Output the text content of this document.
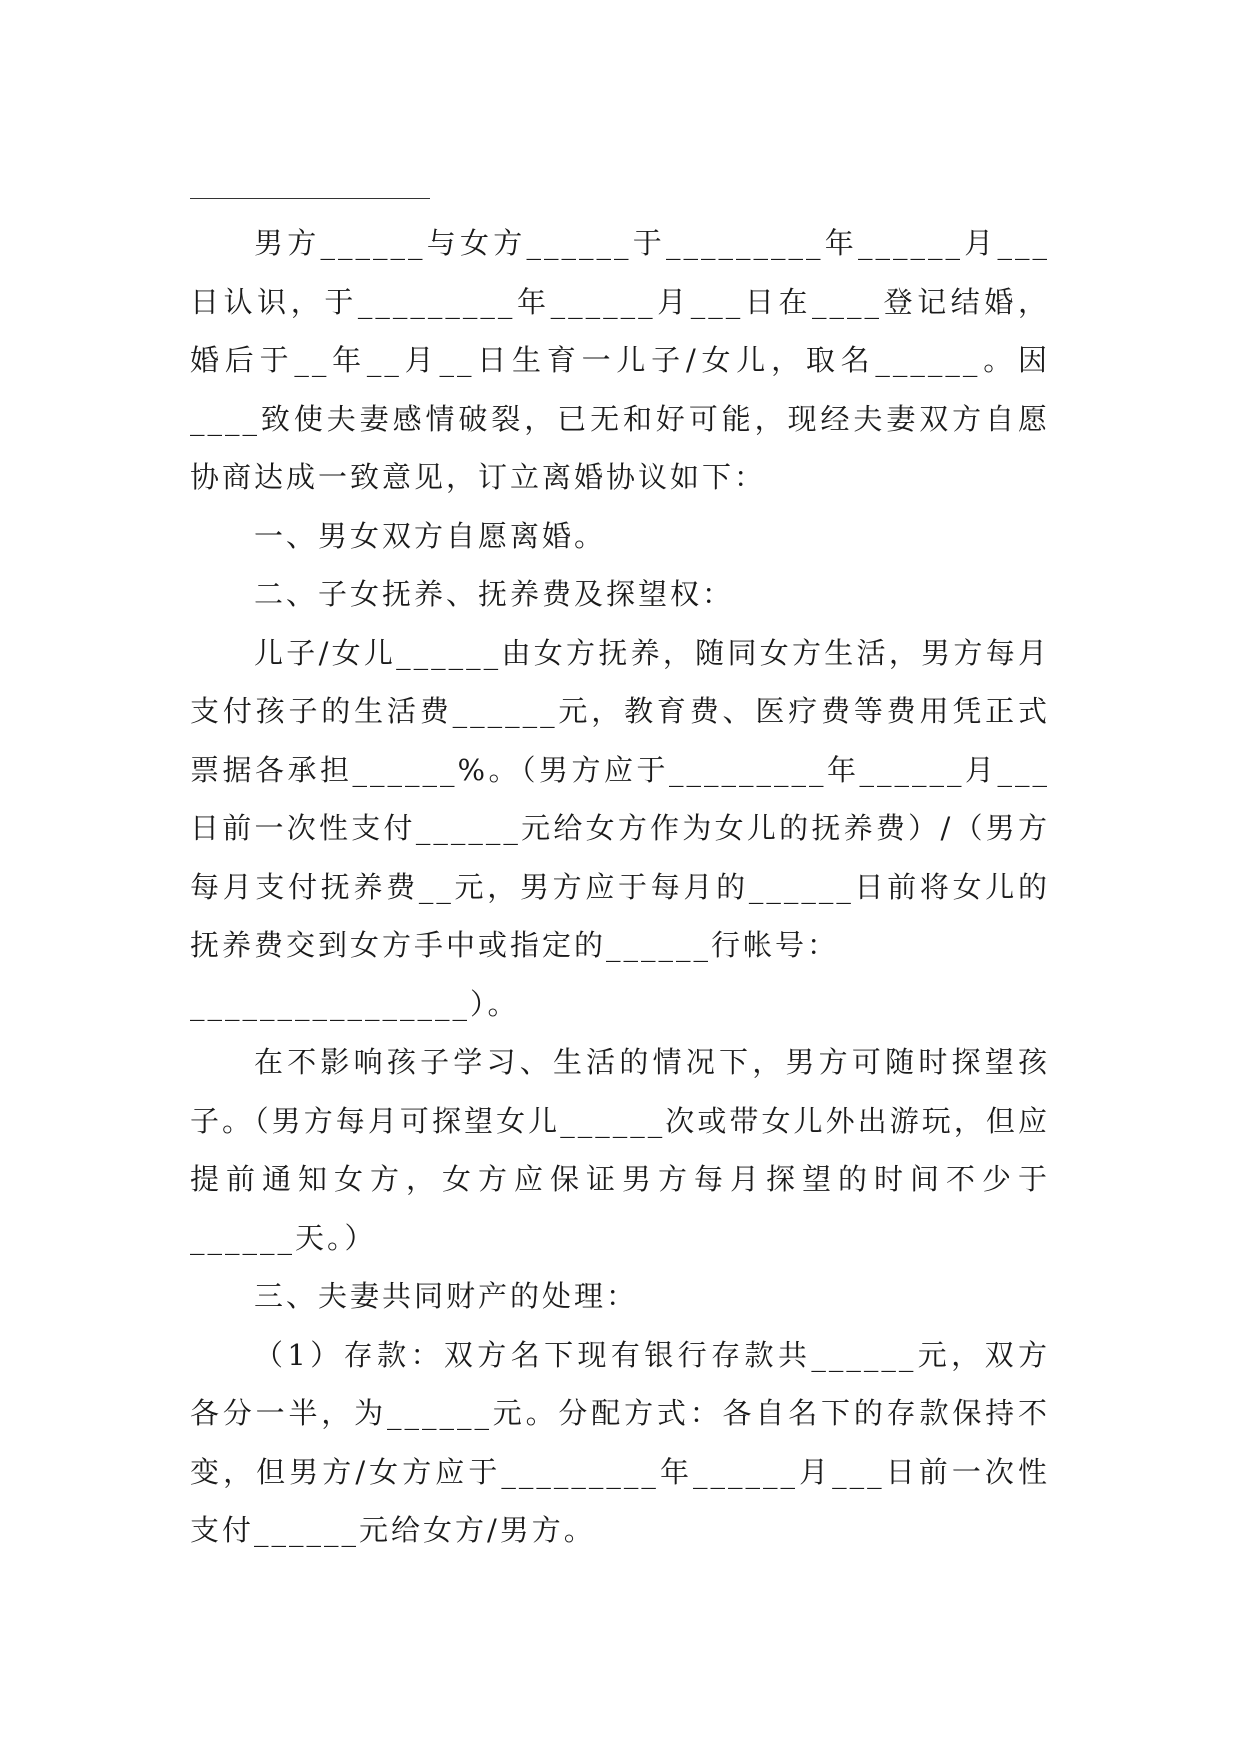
男方______与女方______于_________年______月___日认识，于_________年______月___日在____登记结婚，婚后于__年__月__日生育一儿子/女儿，取名______。因____致使夫妻感情破裂，已无和好可能，现经夫妻双方自愿协商达成一致意见，订立离婚协议如下：

一、男女双方自愿离婚。

二、子女抚养、抚养费及探望权：

儿子/女儿______由女方抚养，随同女方生活，男方每月支付孩子的生活费______元，教育费、医疗费等费用凭正式票据各承担______%。（男方应于_________年______月___日前一次性支付______元给女方作为女儿的抚养费）/（男方每月支付抚养费__元，男方应于每月的______日前将女儿的抚养费交到女方手中或指定的______行帐号：

________________）。

在不影响孩子学习、生活的情况下，男方可随时探望孩子。（男方每月可探望女儿______次或带女儿外出游玩，但应提前通知女方，女方应保证男方每月探望的时间不少于______天。）

三、夫妻共同财产的处理：

（1）存款：双方名下现有银行存款共______元，双方各分一半，为______元。分配方式：各自名下的存款保持不变，但男方/女方应于_________年______月___日前一次性支付______元给女方/男方。
